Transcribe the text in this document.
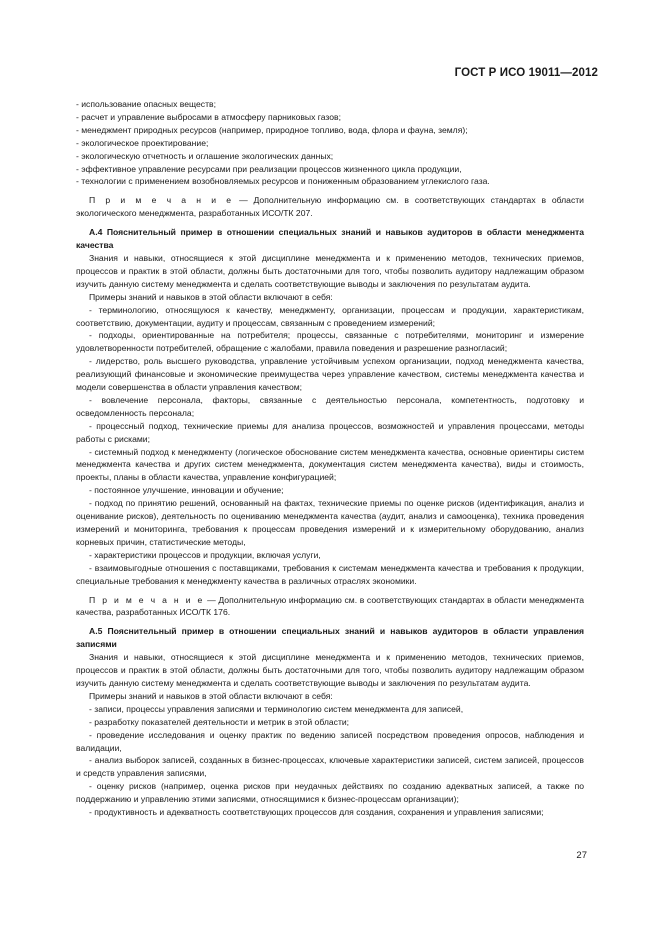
ГОСТ Р ИСО 19011—2012

- использование опасных веществ;

- расчет и управление выбросами в атмосферу парниковых газов;

- менеджмент природных ресурсов (например, природное топливо, вода, флора и фауна, земля);

- экологическое проектирование;

- экологическую отчетность и оглашение экологических данных;

- эффективное управление ресурсами при реализации процессов жизненного цикла продукции,

- технологии с применением возобновляемых ресурсов и пониженным образованием углекислого газа.

П р и м е ч а н и е — Дополнительную информацию см. в соответствующих стандартах в области экологического менеджмента, разработанных ИСО/ТК 207.

А.4 Пояснительный пример в отношении специальных знаний и навыков аудиторов в области менеджмента качества

Знания и навыки, относящиеся к этой дисциплине менеджмента и к применению методов, технических приемов, процессов и практик в этой области, должны быть достаточными для того, чтобы позволить аудитору надлежащим образом изучить данную систему менеджмента и сделать соответствующие выводы и заключения по результатам аудита.

Примеры знаний и навыков в этой области включают в себя:

- терминологию, относящуюся к качеству, менеджменту, организации, процессам и продукции, характеристикам, соответствию, документации, аудиту и процессам, связанным с проведением измерений;

- подходы, ориентированные на потребителя; процессы, связанные с потребителями, мониторинг и измерение удовлетворенности потребителей, обращение с жалобами, правила поведения и разрешение разногласий;

- лидерство, роль высшего руководства, управление устойчивым успехом организации, подход менеджмента качества, реализующий финансовые и экономические преимущества через управление качеством, системы менеджмента качества и модели совершенства в области управления качеством;

- вовлечение персонала, факторы, связанные с деятельностью персонала, компетентность, подготовку и осведомленность персонала;

- процессный подход, технические приемы для анализа процессов, возможностей и управления процессами, методы работы с рисками;

- системный подход к менеджменту (логическое обоснование систем менеджмента качества, основные ориентиры систем менеджмента качества и других систем менеджмента, документация систем менеджмента качества), виды и стоимость, проекты, планы в области качества, управление конфигурацией;

- постоянное улучшение, инновации и обучение;

- подход по принятию решений, основанный на фактах, технические приемы по оценке рисков (идентификация, анализ и оценивание рисков), деятельность по оцениванию менеджмента качества (аудит, анализ и самооценка), техника проведения измерений и мониторинга, требования к процессам проведения измерений и к измерительному оборудованию, анализ корневых причин, статистические методы,

- характеристики процессов и продукции, включая услуги,

- взаимовыгодные отношения с поставщиками, требования к системам менеджмента качества и требования к продукции, специальные требования к менеджменту качества в различных отраслях экономики.

П р и м е ч а н и е — Дополнительную информацию см. в соответствующих стандартах в области менеджмента качества, разработанных ИСО/ТК 176.

А.5 Пояснительный пример в отношении специальных знаний и навыков аудиторов в области управления записями

Знания и навыки, относящиеся к этой дисциплине менеджмента и к применению методов, технических приемов, процессов и практик в этой области, должны быть достаточными для того, чтобы позволить аудитору надлежащим образом изучить данную систему менеджмента и сделать соответствующие выводы и заключения по результатам аудита.

Примеры знаний и навыков в этой области включают в себя:

- записи, процессы управления записями и терминологию систем менеджмента для записей,

- разработку показателей деятельности и метрик в этой области;

- проведение исследования и оценку практик по ведению записей посредством проведения опросов, наблюдения и валидации,

- анализ выборок записей, созданных в бизнес-процессах, ключевые характеристики записей, систем записей, процессов и средств управления записями,

- оценку рисков (например, оценка рисков при неудачных действиях по созданию адекватных записей, а также по поддержанию и управлению этими записями, относящимися к бизнес-процессам организации);

- продуктивность и адекватность соответствующих процессов для создания, сохранения и управления записями;

27
